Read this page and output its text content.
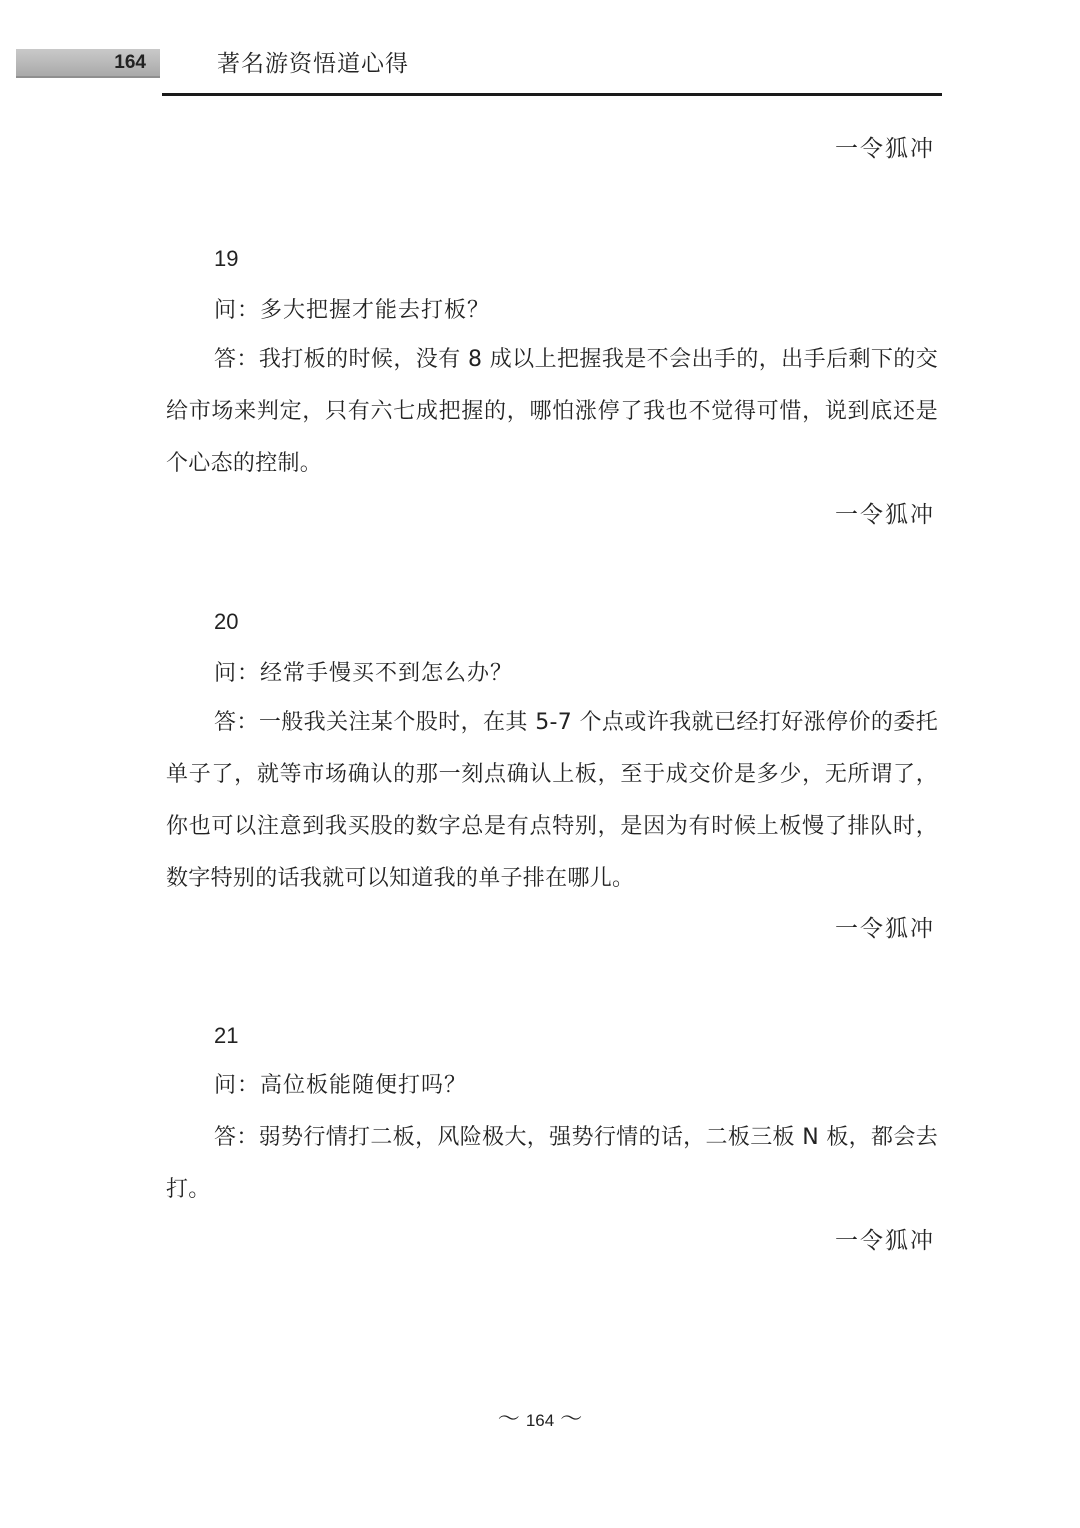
164	著名游资悟道心得
一令狐冲
19
问：多大把握才能去打板？
答：我打板的时候，没有 8 成以上把握我是不会出手的，出手后剩下的交给市场来判定，只有六七成把握的，哪怕涨停了我也不觉得可惜，说到底还是个心态的控制。
一令狐冲
20
问：经常手慢买不到怎么办？
答：一般我关注某个股时，在其 5-7 个点或许我就已经打好涨停价的委托单子了，就等市场确认的那一刻点确认上板，至于成交价是多少，无所谓了，你也可以注意到我买股的数字总是有点特别，是因为有时候上板慢了排队时，数字特别的话我就可以知道我的单子排在哪儿。
一令狐冲
21
问：高位板能随便打吗？
答：弱势行情打二板，风险极大，强势行情的话，二板三板 N 板，都会去打。
一令狐冲
～ 164 ～
